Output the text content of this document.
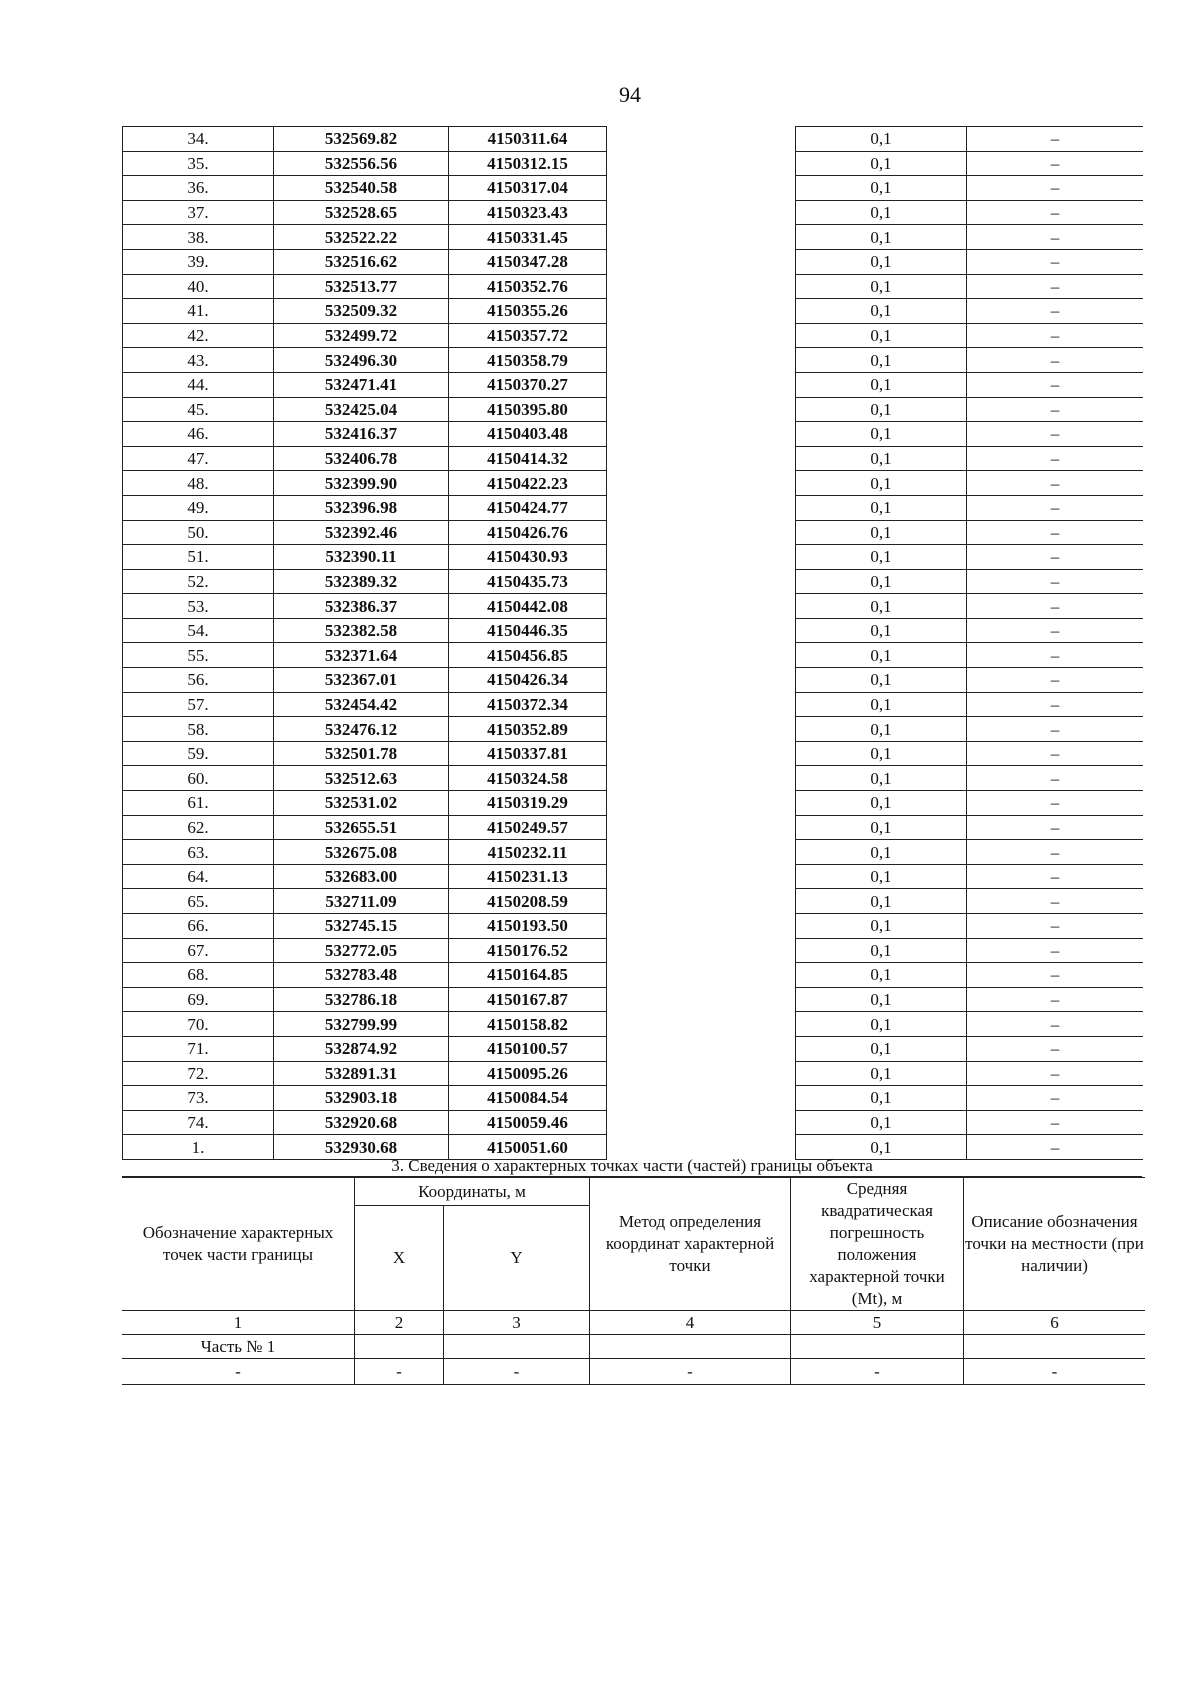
94
34.	532569.82	4150311.64		0,1	–
35.	532556.56	4150312.15		0,1	–
36.	532540.58	4150317.04		0,1	–
37.	532528.65	4150323.43		0,1	–
38.	532522.22	4150331.45		0,1	–
39.	532516.62	4150347.28		0,1	–
40.	532513.77	4150352.76		0,1	–
41.	532509.32	4150355.26		0,1	–
42.	532499.72	4150357.72		0,1	–
43.	532496.30	4150358.79		0,1	–
44.	532471.41	4150370.27		0,1	–
45.	532425.04	4150395.80		0,1	–
46.	532416.37	4150403.48		0,1	–
47.	532406.78	4150414.32		0,1	–
48.	532399.90	4150422.23		0,1	–
49.	532396.98	4150424.77		0,1	–
50.	532392.46	4150426.76		0,1	–
51.	532390.11	4150430.93		0,1	–
52.	532389.32	4150435.73		0,1	–
53.	532386.37	4150442.08		0,1	–
54.	532382.58	4150446.35		0,1	–
55.	532371.64	4150456.85		0,1	–
56.	532367.01	4150426.34		0,1	–
57.	532454.42	4150372.34		0,1	–
58.	532476.12	4150352.89		0,1	–
59.	532501.78	4150337.81		0,1	–
60.	532512.63	4150324.58		0,1	–
61.	532531.02	4150319.29		0,1	–
62.	532655.51	4150249.57		0,1	–
63.	532675.08	4150232.11		0,1	–
64.	532683.00	4150231.13		0,1	–
65.	532711.09	4150208.59		0,1	–
66.	532745.15	4150193.50		0,1	–
67.	532772.05	4150176.52		0,1	–
68.	532783.48	4150164.85		0,1	–
69.	532786.18	4150167.87		0,1	–
70.	532799.99	4150158.82		0,1	–
71.	532874.92	4150100.57		0,1	–
72.	532891.31	4150095.26		0,1	–
73.	532903.18	4150084.54		0,1	–
74.	532920.68	4150059.46		0,1	–
1.	532930.68	4150051.60		0,1	–
3. Сведения о характерных точках части (частей) границы объекта
Обозначение характерных точек части границы	Координаты, м		Метод определения координат характерной точки	Средняя квадратическая погрешность положения характерной точки (Mt), м	Описание обозначения точки на местности (при наличии)
	X	Y			
1	2	3	4	5	6
Часть № 1					
-	-	-	-	-	-
